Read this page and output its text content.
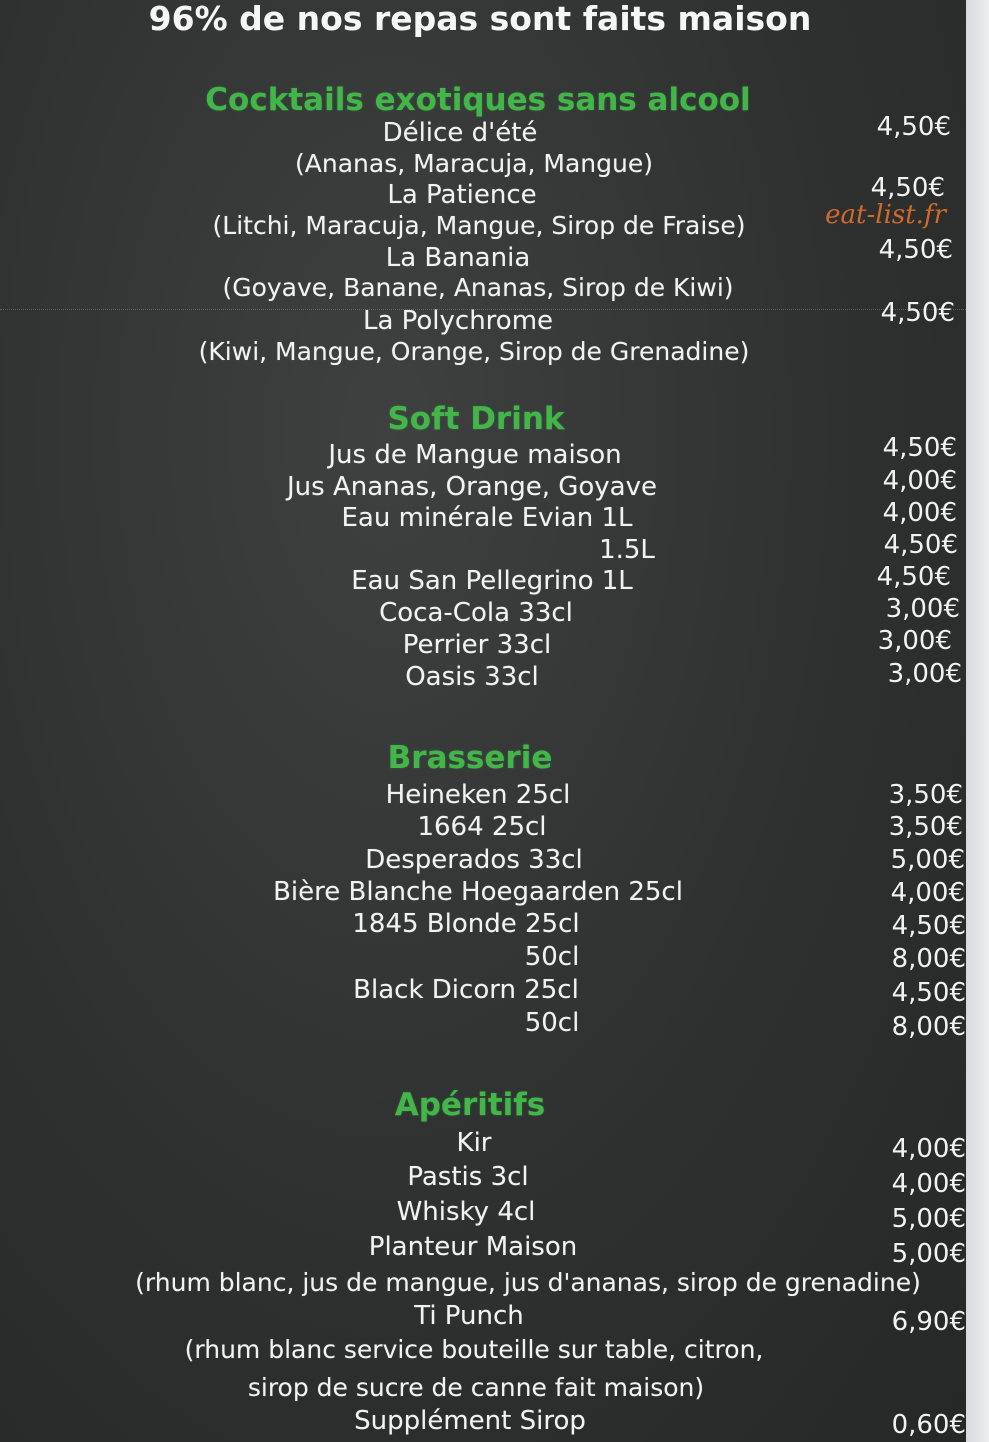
96% de nos repas sont faits maison
Cocktails exotiques sans alcool
Délice d'été	4,50€
(Ananas, Maracuja, Mangue)
La Patience	4,50€
(Litchi, Maracuja, Mangue, Sirop de Fraise)	eat-list.fr
La Banania	4,50€
(Goyave, Banane, Ananas, Sirop de Kiwi)
La Polychrome	4,50€
(Kiwi, Mangue, Orange, Sirop de Grenadine)
Soft Drink
Jus de Mangue maison	4,50€
Jus Ananas, Orange, Goyave	4,00€
Eau minérale Evian 1L	4,00€
1.5L	4,50€
Eau San Pellegrino 1L	4,50€
Coca-Cola 33cl	3,00€
Perrier 33cl	3,00€
Oasis 33cl	3,00€
Brasserie
Heineken 25cl	3,50€
1664 25cl	3,50€
Desperados 33cl	5,00€
Bière Blanche Hoegaarden 25cl	4,00€
1845 Blonde 25cl	4,50€
50cl	8,00€
Black Dicorn 25cl	4,50€
50cl	8,00€
Apéritifs
Kir	4,00€
Pastis 3cl	4,00€
Whisky 4cl	5,00€
Planteur Maison	5,00€
(rhum blanc, jus de mangue, jus d'ananas, sirop de grenadine)
Ti Punch	6,90€
(rhum blanc service bouteille sur table, citron,
sirop de sucre de canne fait maison)
Supplément Sirop	0,60€
